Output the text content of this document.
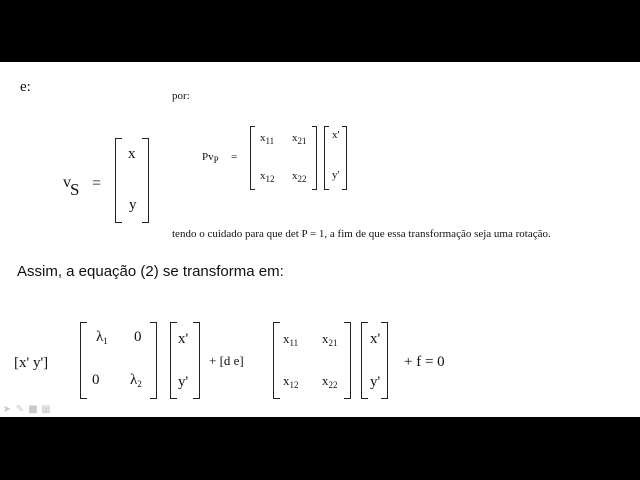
e:
por:
v S =
x
y
$Pv_P$ =
$x_{11}$ $x_{21}$
$x_{12}$ $x_{22}$
x'
y'
tendo o cuidado para que det P = 1, a fim de que essa transformação seja uma rotação.
Assim, a equação (2) se transforma em:
[x' y']
$\lambda_1$ 0
0 $\lambda_2$
x'
y'
+ [d e]
$x_{11}$ $x_{21}$
$x_{12}$ $x_{22}$
x'
y'
+ f = 0
➤ ✎ ■ ▦
